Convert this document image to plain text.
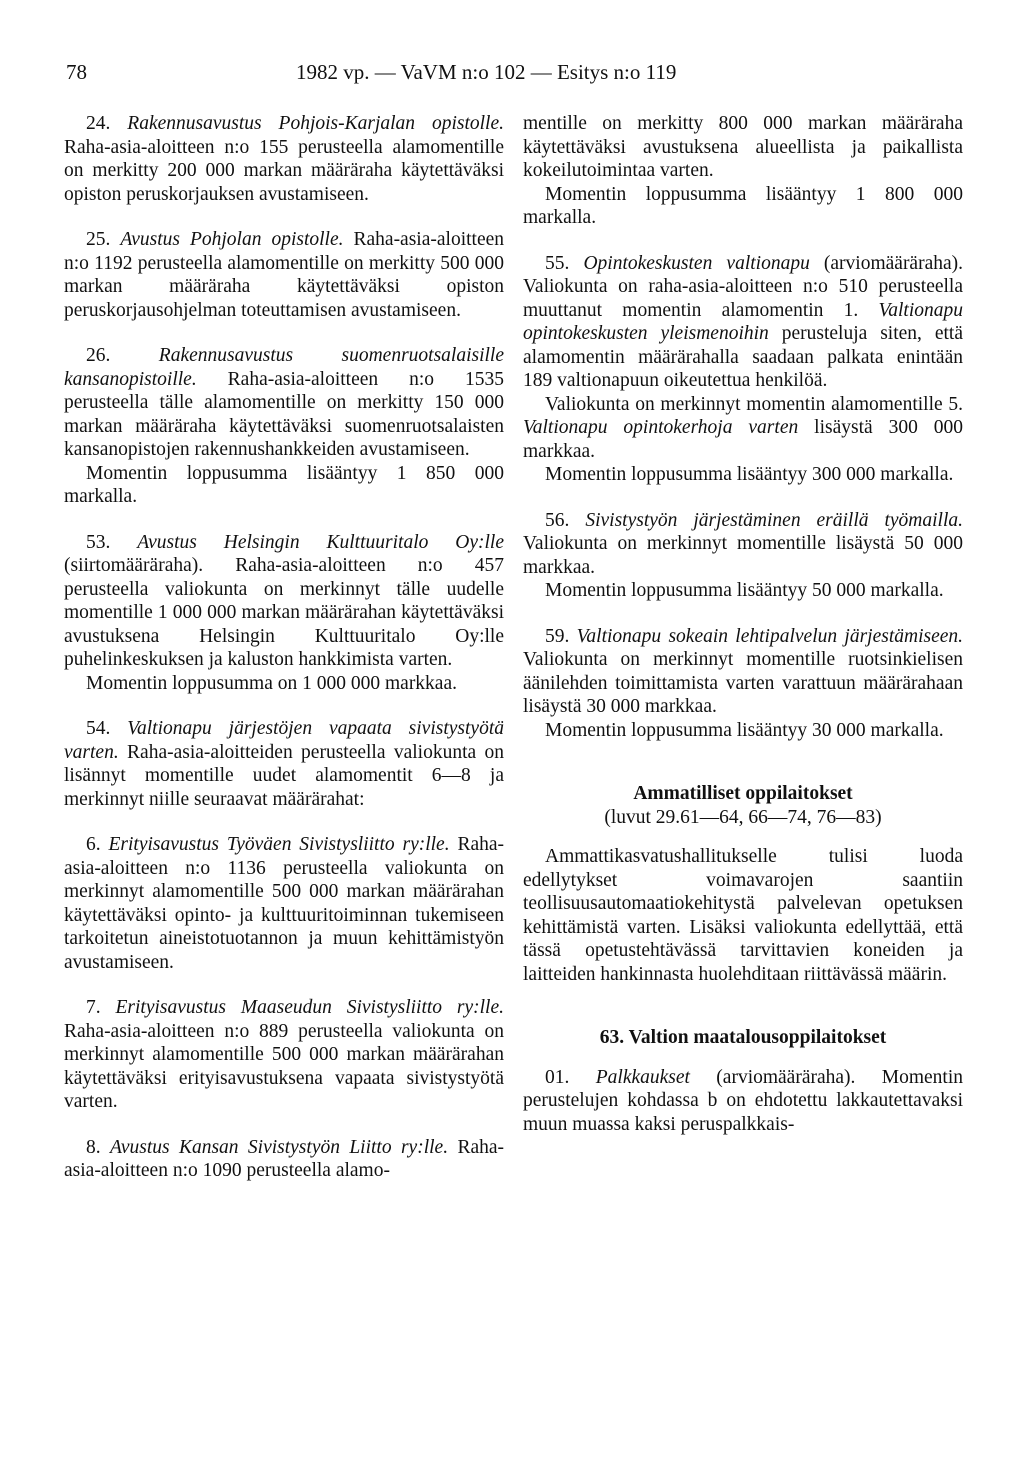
78	1982 vp. — VaVM n:o 102 — Esitys n:o 119

24. Rakennusavustus Pohjois-Karjalan opistolle. Raha-asia-aloitteen n:o 155 perusteella alamomentille on merkitty 200 000 markan määräraha käytettäväksi opiston peruskorjauksen avustamiseen.

25. Avustus Pohjolan opistolle. Raha-asia-aloitteen n:o 1192 perusteella alamomentille on merkitty 500 000 markan määräraha käytettäväksi opiston peruskorjausohjelman toteuttamisen avustamiseen.

26. Rakennusavustus suomenruotsalaisille kansanopistoille. Raha-asia-aloitteen n:o 1535 perusteella tälle alamomentille on merkitty 150 000 markan määräraha käytettäväksi suomenruotsalaisten kansanopistojen rakennushankkeiden avustamiseen.

Momentin loppusumma lisääntyy 1 850 000 markalla.

53. Avustus Helsingin Kulttuuritalo Oy:lle (siirtomääräraha). Raha-asia-aloitteen n:o 457 perusteella valiokunta on merkinnyt tälle uudelle momentille 1 000 000 markan määrärahan käytettäväksi avustuksena Helsingin Kulttuuritalo Oy:lle puhelinkeskuksen ja kaluston hankkimista varten.

Momentin loppusumma on 1 000 000 markkaa.

54. Valtionapu järjestöjen vapaata sivistystyötä varten. Raha-asia-aloitteiden perusteella valiokunta on lisännyt momentille uudet alamomentit 6—8 ja merkinnyt niille seuraavat määrärahat:

6. Erityisavustus Työväen Sivistysliitto ry:lle. Raha-asia-aloitteen n:o 1136 perusteella valiokunta on merkinnyt alamomentille 500 000 markan määrärahan käytettäväksi opinto- ja kulttuuritoiminnan tukemiseen tarkoitetun aineistotuotannon ja muun kehittämistyön avustamiseen.

7. Erityisavustus Maaseudun Sivistysliitto ry:lle. Raha-asia-aloitteen n:o 889 perusteella valiokunta on merkinnyt alamomentille 500 000 markan määrärahan käytettäväksi erityisavustuksena vapaata sivistystyötä varten.

8. Avustus Kansan Sivistystyön Liitto ry:lle. Raha-asia-aloitteen n:o 1090 perusteella alamo-

mentille on merkitty 800 000 markan määräraha käytettäväksi avustuksena alueellista ja paikallista kokeilutoimintaa varten.

Momentin loppusumma lisääntyy 1 800 000 markalla.

55. Opintokeskusten valtionapu (arviomääräraha). Valiokunta on raha-asia-aloitteen n:o 510 perusteella muuttanut momentin alamomentin 1. Valtionapu opintokeskusten yleismenoihin perusteluja siten, että alamomentin määrärahalla saadaan palkata enintään 189 valtionapuun oikeutettua henkilöä.

Valiokunta on merkinnyt momentin alamomentille 5. Valtionapu opintokerhoja varten lisäystä 300 000 markkaa.

Momentin loppusumma lisääntyy 300 000 markalla.

56. Sivistystyön järjestäminen eräillä työmailla. Valiokunta on merkinnyt momentille lisäystä 50 000 markkaa.

Momentin loppusumma lisääntyy 50 000 markalla.

59. Valtionapu sokeain lehtipalvelun järjestämiseen. Valiokunta on merkinnyt momentille ruotsinkielisen äänilehden toimittamista varten varattuun määrärahaan lisäystä 30 000 markkaa.

Momentin loppusumma lisääntyy 30 000 markalla.

Ammatilliset oppilaitokset

(luvut 29.61—64, 66—74, 76—83)

Ammattikasvatushallitukselle tulisi luoda edellytykset voimavarojen saantiin teollisuusautomaatiokehitystä palvelevan opetuksen kehittämistä varten. Lisäksi valiokunta edellyttää, että tässä opetustehtävässä tarvittavien koneiden ja laitteiden hankinnasta huolehditaan riittävässä määrin.

63. Valtion maatalousoppilaitokset

01. Palkkaukset (arviomääräraha). Momentin perustelujen kohdassa b on ehdotettu lakkautettavaksi muun muassa kaksi peruspalkkais-
